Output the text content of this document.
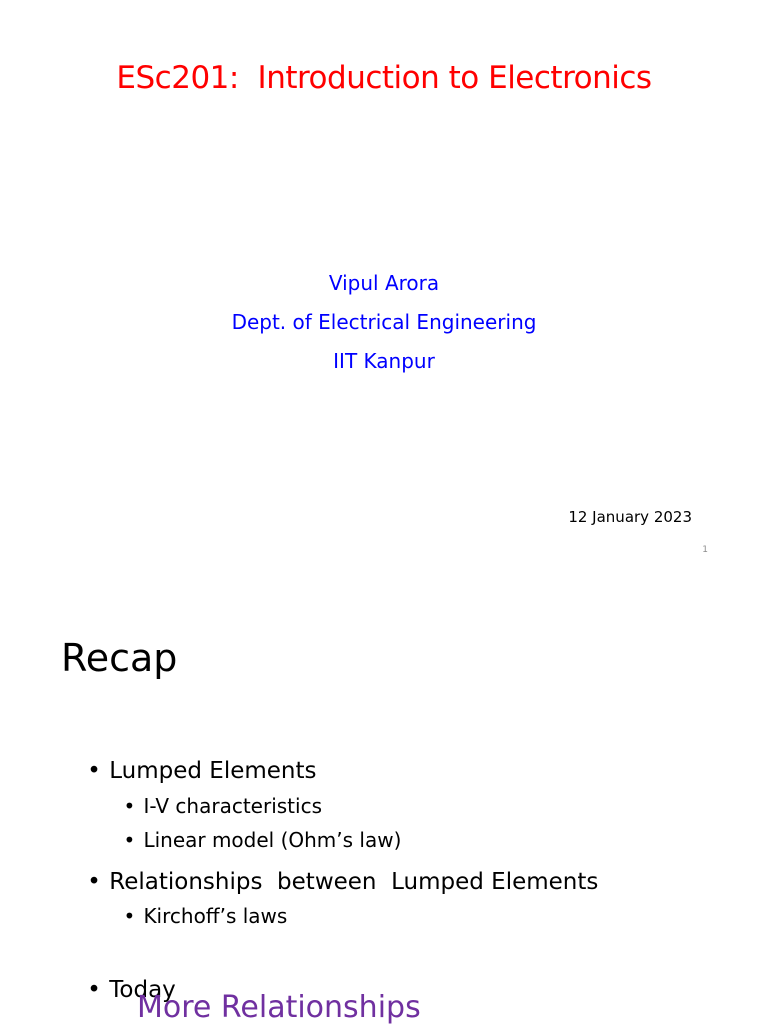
ESc201:  Introduction to Electronics
Vipul Arora
Dept. of Electrical Engineering
IIT Kanpur
12 January 2023
1
Recap

• Lumped Elements

• I-V characteristics

• Linear model (Ohm’s law)

• Relationships  between  Lumped Elements

• Kirchoff’s laws

• Today

More Relationships
